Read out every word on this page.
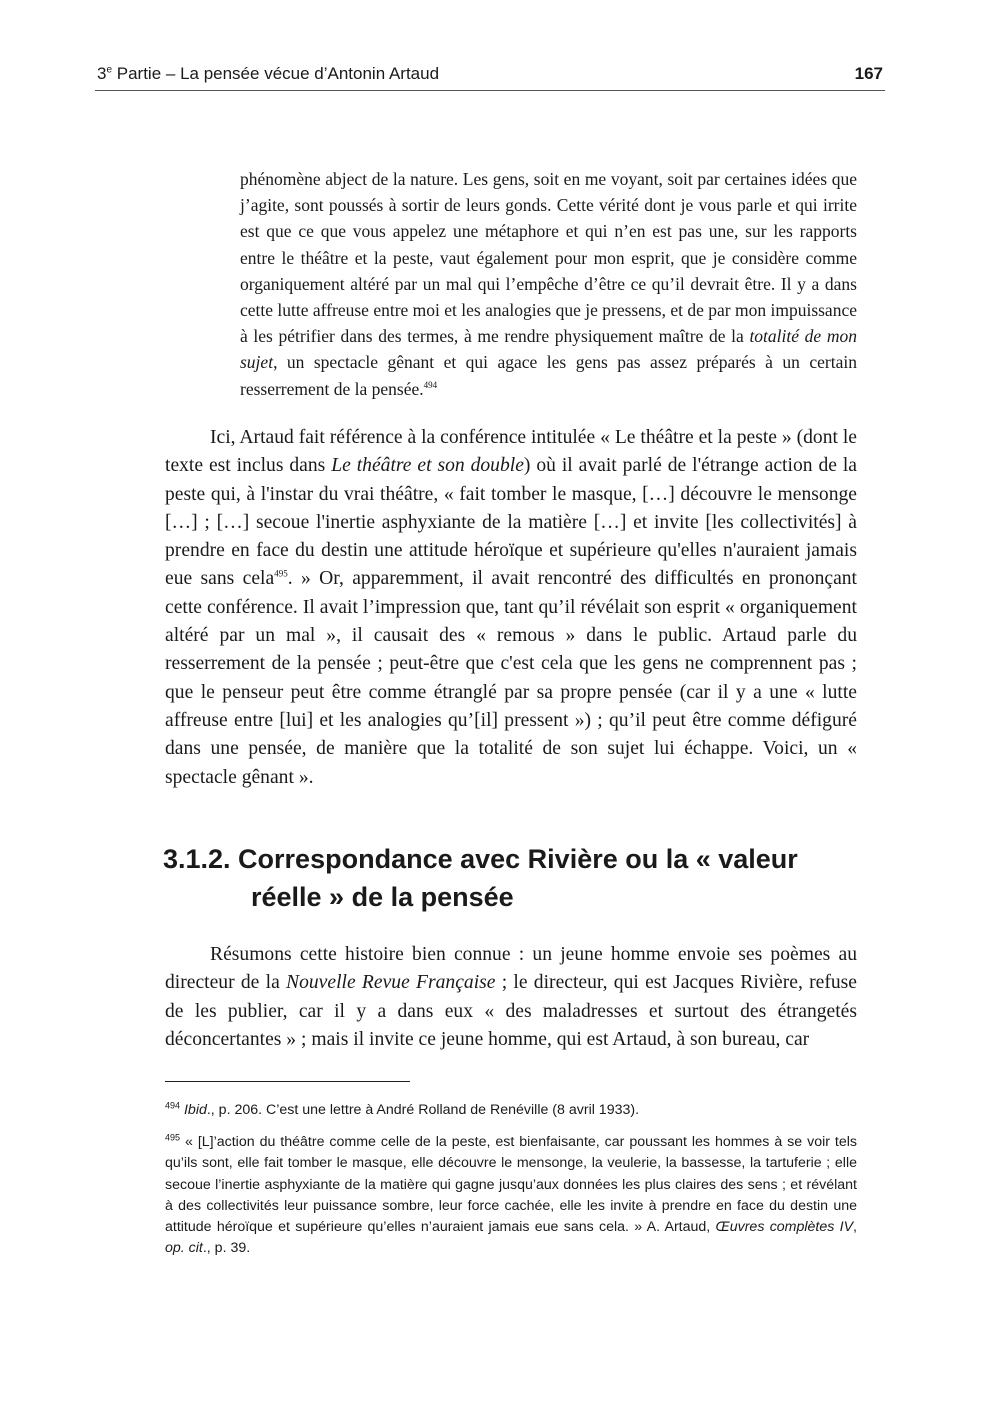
3e Partie – La pensée vécue d’Antonin Artaud	167
phénomène abject de la nature. Les gens, soit en me voyant, soit par certaines idées que j’agite, sont poussés à sortir de leurs gonds. Cette vérité dont je vous parle et qui irrite est que ce que vous appelez une métaphore et qui n’en est pas une, sur les rapports entre le théâtre et la peste, vaut également pour mon esprit, que je considère comme organiquement altéré par un mal qui l’empêche d’être ce qu’il devrait être. Il y a dans cette lutte affreuse entre moi et les analogies que je pressens, et de par mon impuissance à les pétrifier dans des termes, à me rendre physiquement maître de la totalité de mon sujet, un spectacle gênant et qui agace les gens pas assez préparés à un certain resserrement de la pensée.$^{494}$

Ici, Artaud fait référence à la conférence intitulée « Le théâtre et la peste » (dont le texte est inclus dans Le théâtre et son double) où il avait parlé de l'étrange action de la peste qui, à l'instar du vrai théâtre, « fait tomber le masque, […] découvre le mensonge […] ; […] secoue l'inertie asphyxiante de la matière […] et invite [les collectivités] à prendre en face du destin une attitude héroïque et supérieure qu'elles n'auraient jamais eue sans cela$^{495}$. » Or, apparemment, il avait rencontré des difficultés en prononçant cette conférence. Il avait l’impression que, tant qu’il révélait son esprit « organiquement altéré par un mal », il causait des « remous » dans le public. Artaud parle du resserrement de la pensée ; peut-être que c'est cela que les gens ne comprennent pas ; que le penseur peut être comme étranglé par sa propre pensée (car il y a une « lutte affreuse entre [lui] et les analogies qu’[il] pressent ») ; qu’il peut être comme défiguré dans une pensée, de manière que la totalité de son sujet lui échappe. Voici, un « spectacle gênant ».

3.1.2. Correspondance avec Rivière ou la « valeur
réelle » de la pensée

Résumons cette histoire bien connue : un jeune homme envoie ses poèmes au directeur de la Nouvelle Revue Française ; le directeur, qui est Jacques Rivière, refuse de les publier, car il y a dans eux « des maladresses et surtout des étrangetés déconcertantes » ; mais il invite ce jeune homme, qui est Artaud, à son bureau, car

$^{494}$ Ibid., p. 206. C’est une lettre à André Rolland de Renéville (8 avril 1933).

$^{495}$ « [L]’action du théâtre comme celle de la peste, est bienfaisante, car poussant les hommes à se voir tels qu’ils sont, elle fait tomber le masque, elle découvre le mensonge, la veulerie, la bassesse, la tartuferie ; elle secoue l’inertie asphyxiante de la matière qui gagne jusqu’aux données les plus claires des sens ; et révélant à des collectivités leur puissance sombre, leur force cachée, elle les invite à prendre en face du destin une attitude héroïque et supérieure qu’elles n’auraient jamais eue sans cela. » A. Artaud, Œuvres complètes IV, op. cit., p. 39.
